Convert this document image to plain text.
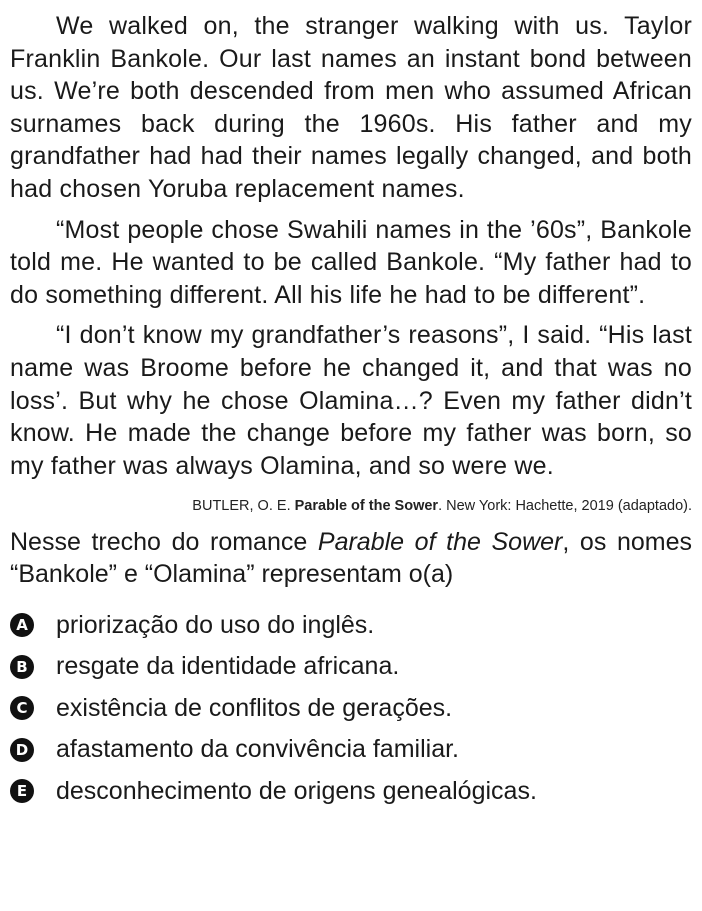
We walked on, the stranger walking with us. Taylor Franklin Bankole. Our last names an instant bond between us. We’re both descended from men who assumed African surnames back during the 1960s. His father and my grandfather had had their names legally changed, and both had chosen Yoruba replacement names.

“Most people chose Swahili names in the ’60s”, Bankole told me. He wanted to be called Bankole. “My father had to do something different. All his life he had to be different”.

“I don’t know my grandfather’s reasons”, I said. “His last name was Broome before he changed it, and that was no loss’. But why he chose Olamina…? Even my father didn’t know. He made the change before my father was born, so my father was always Olamina, and so were we.

BUTLER, O. E. Parable of the Sower. New York: Hachette, 2019 (adaptado).
Nesse trecho do romance Parable of the Sower, os nomes “Bankole” e “Olamina” representam o(a)
A priorização do uso do inglês.
B resgate da identidade africana.
C existência de conflitos de gerações.
D afastamento da convivência familiar.
E desconhecimento de origens genealógicas.
